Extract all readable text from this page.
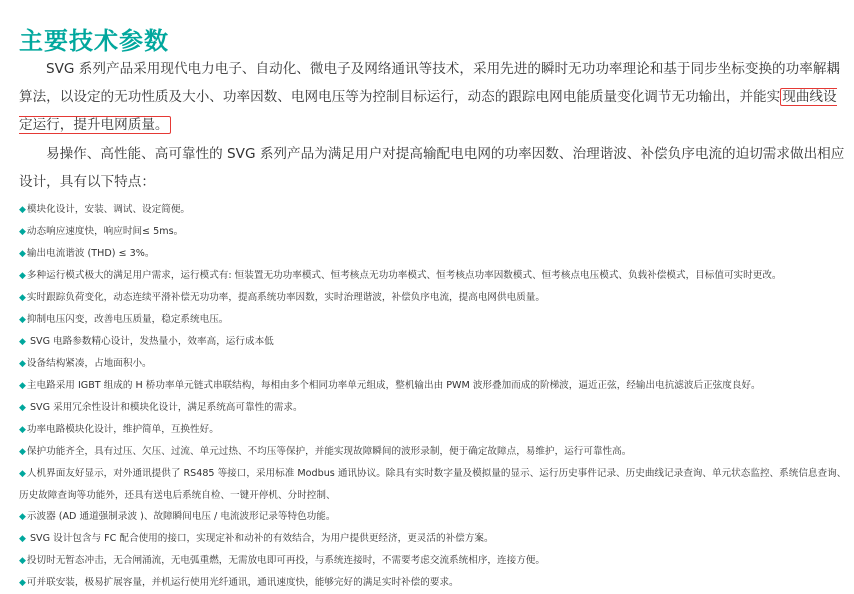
主要技术参数

SVG 系列产品采用现代电力电子、自动化、微电子及网络通讯等技术，采用先进的瞬时无功功率理论和基于同步坐标变换的功率解耦算法，以设定的无功性质及大小、功率因数、电网电压等为控制目标运行，动态的跟踪电网电能质量变化调节无功输出，并能实 现曲线设定运行，提升电网质量。

易操作、高性能、高可靠性的 SVG 系列产品为满足用户对提高输配电电网的功率因数、治理谐波、补偿负序电流的迫切需求做出相应设计，具有以下特点：

◆模块化设计，安装、调试、设定简便。
◆动态响应速度快，响应时间≤ 5ms。
◆输出电流谐波 (THD) ≤ 3%。
◆多种运行模式极大的满足用户需求，运行模式有: 恒装置无功功率模式、恒考核点无功功率模式、恒考核点功率因数模式、恒考核点电压模式、负载补偿模式，目标值可实时更改。
◆实时跟踪负荷变化，动态连续平滑补偿无功功率，提高系统功率因数，实时治理谐波，补偿负序电流，提高电网供电质量。
◆抑制电压闪变，改善电压质量，稳定系统电压。
◆ SVG 电路参数精心设计，发热量小，效率高，运行成本低
◆设备结构紧凑，占地面积小。
◆主电路采用 IGBT 组成的 H 桥功率单元链式串联结构，每相由多个相同功率单元组成，整机输出由 PWM 波形叠加而成的阶梯波，逼近正弦，经输出电抗滤波后正弦度良好。
◆ SVG 采用冗余性设计和模块化设计，满足系统高可靠性的需求。
◆功率电路模块化设计，维护简单，互换性好。
◆保护功能齐全，具有过压、欠压、过流、单元过热、不均压等保护，并能实现故障瞬间的波形录制，便于确定故障点，易维护，运行可靠性高。
◆人机界面友好显示，对外通讯提供了 RS485 等接口，采用标准 Modbus 通讯协议。除具有实时数字量及模拟量的显示、运行历史事件记录、历史曲线记录查询、单元状态监控、系统信息查询、历史故障查询等功能外，还具有送电后系统自检、一键开停机、分时控制、
◆示波器 (AD 通道强制录波 )、故障瞬间电压 / 电流波形记录等特色功能。
◆ SVG 设计包含与 FC 配合使用的接口，实现定补和动补的有效结合，为用户提供更经济，更灵活的补偿方案。
◆投切时无暂态冲击，无合闸涌流，无电弧重燃，无需放电即可再投，与系统连接时，不需要考虑交流系统相序，连接方便。
◆可并联安装，极易扩展容量，并机运行使用光纤通讯，通讯速度快，能够完好的满足实时补偿的要求。
